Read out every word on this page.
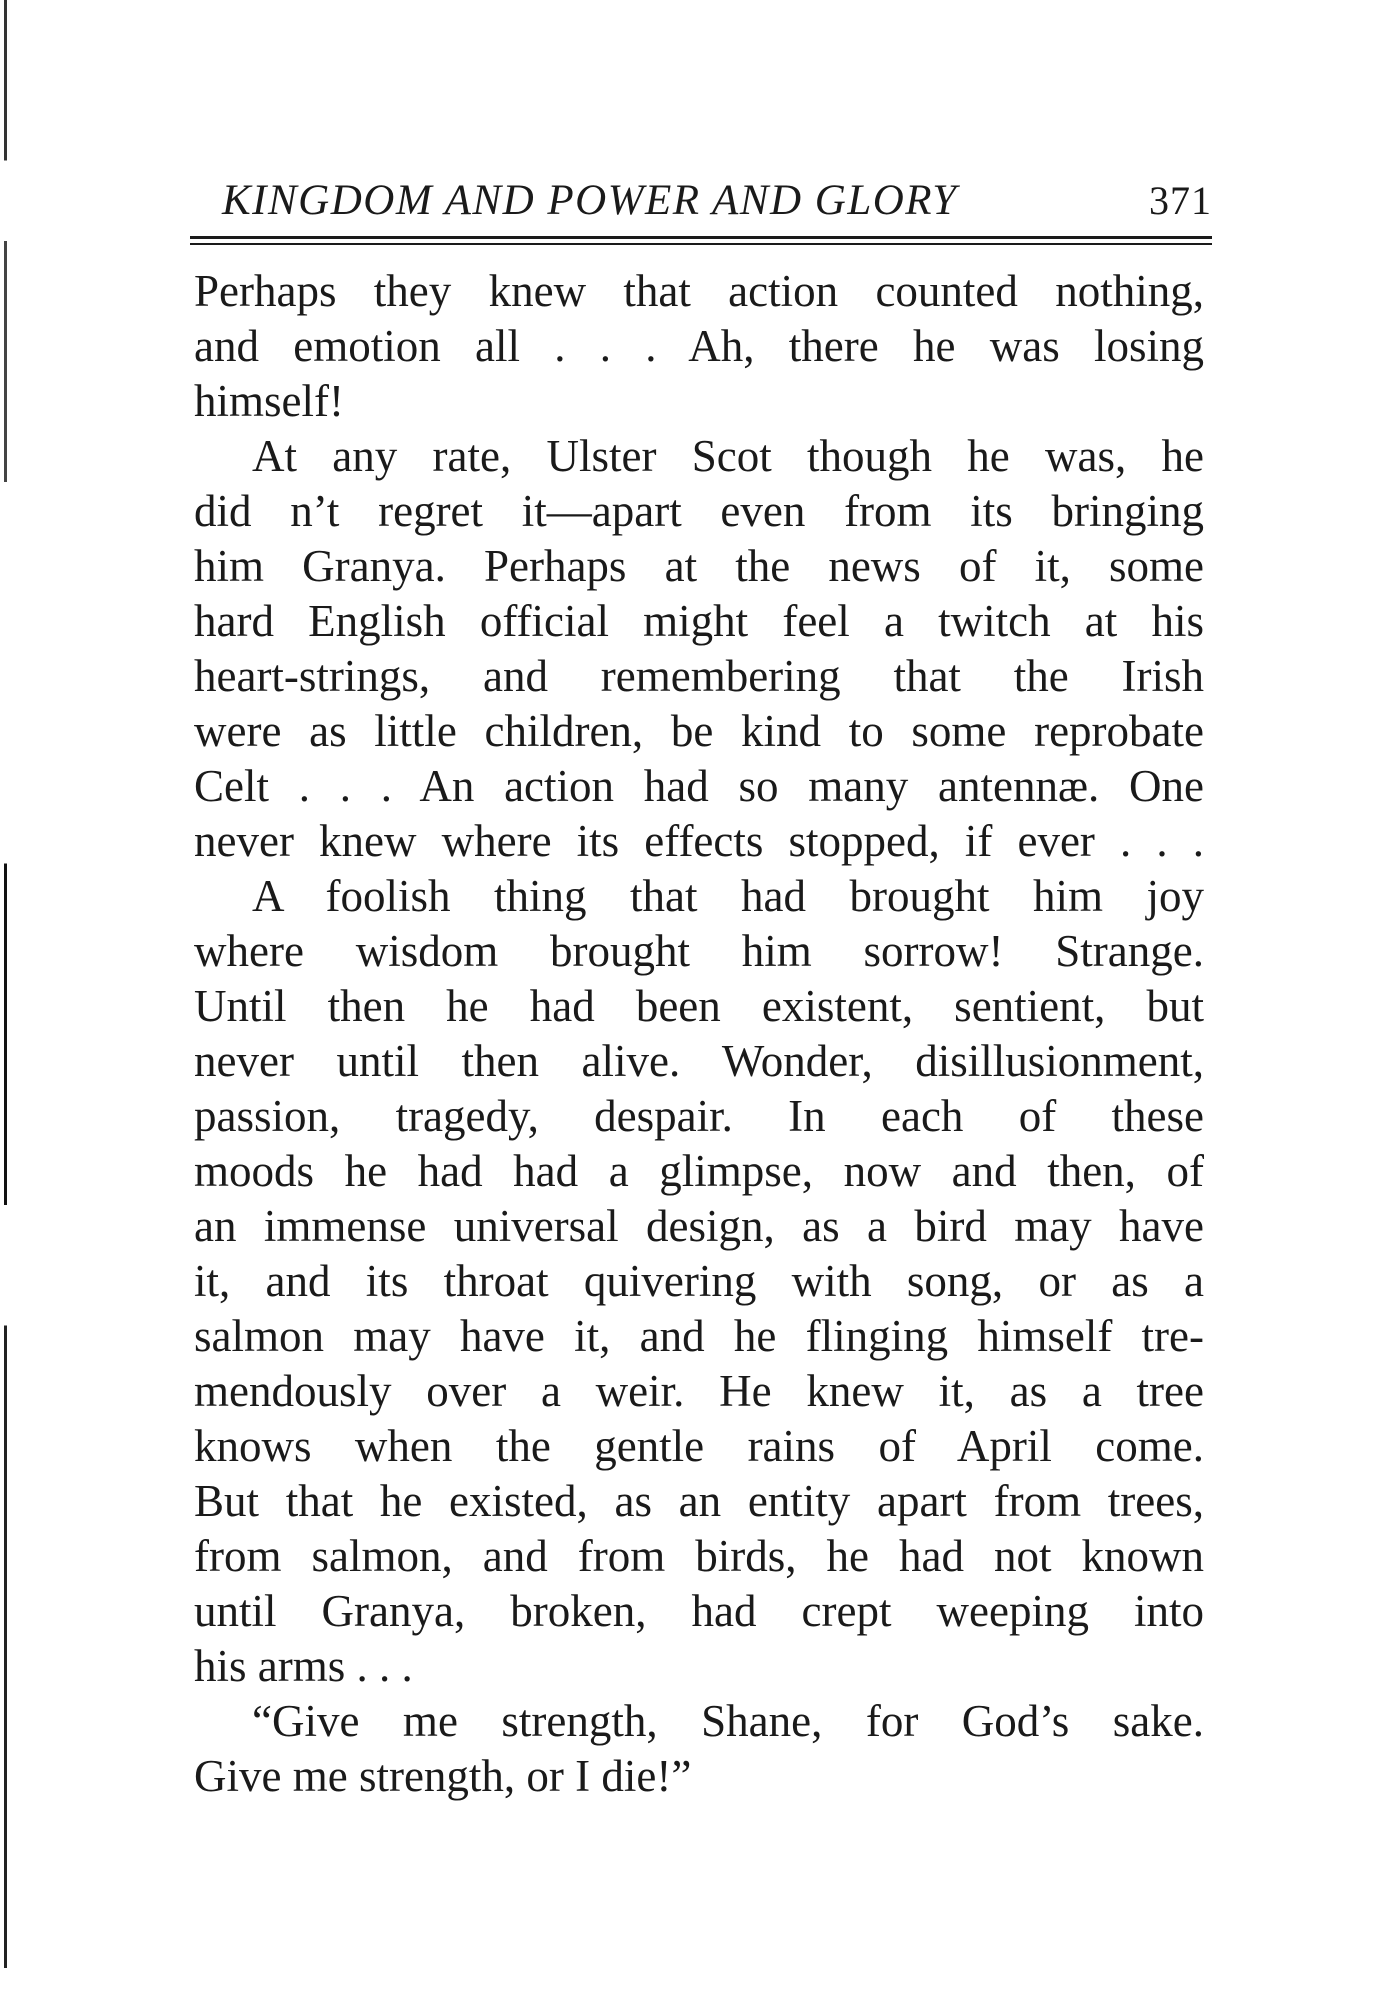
KINGDOM AND POWER AND GLORY	371
Perhaps they knew that action counted nothing,
and emotion all . . . Ah, there he was losing
himself!
At any rate, Ulster Scot though he was, he
did n’t regret it—apart even from its bringing
him Granya. Perhaps at the news of it, some
hard English official might feel a twitch at his
heart-strings, and remembering that the Irish
were as little children, be kind to some reprobate
Celt . . . An action had so many antennæ. One
never knew where its effects stopped, if ever . . .
A foolish thing that had brought him joy
where wisdom brought him sorrow! Strange.
Until then he had been existent, sentient, but
never until then alive. Wonder, disillusionment,
passion, tragedy, despair. In each of these
moods he had had a glimpse, now and then, of
an immense universal design, as a bird may have
it, and its throat quivering with song, or as a
salmon may have it, and he flinging himself tre-
mendously over a weir. He knew it, as a tree
knows when the gentle rains of April come.
But that he existed, as an entity apart from trees,
from salmon, and from birds, he had not known
until Granya, broken, had crept weeping into
his arms . . .
“Give me strength, Shane, for God’s sake.
Give me strength, or I die!”
